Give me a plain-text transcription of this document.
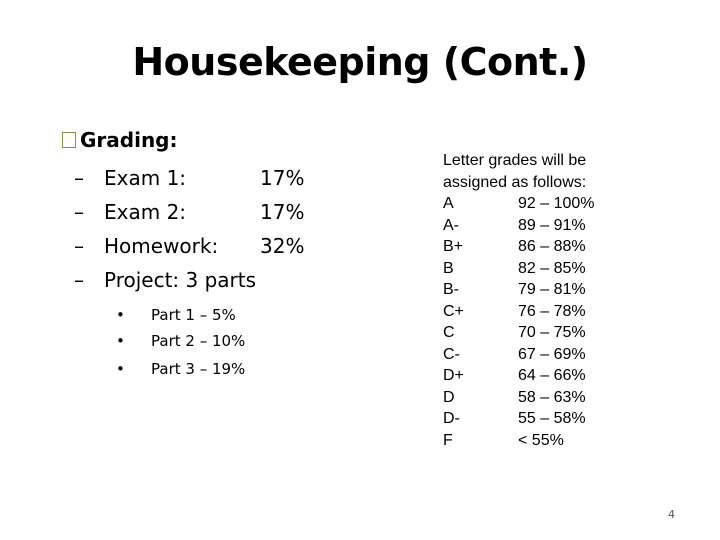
Housekeeping (Cont.)
Grading:
– Exam 1:	17%
– Exam 2:	17%
– Homework: 32%
– Project: 3 parts
• Part 1 – 5%
• Part 2 – 10%
• Part 3 – 19%
Letter grades will be
assigned as follows:
A	92 – 100%
A-	89 – 91%
B+	86 – 88%
B	82 – 85%
B-	79 – 81%
C+	76 – 78%
C	70 – 75%
C-	67 – 69%
D+	64 – 66%
D	58 – 63%
D-	55 – 58%
F	< 55%
4
